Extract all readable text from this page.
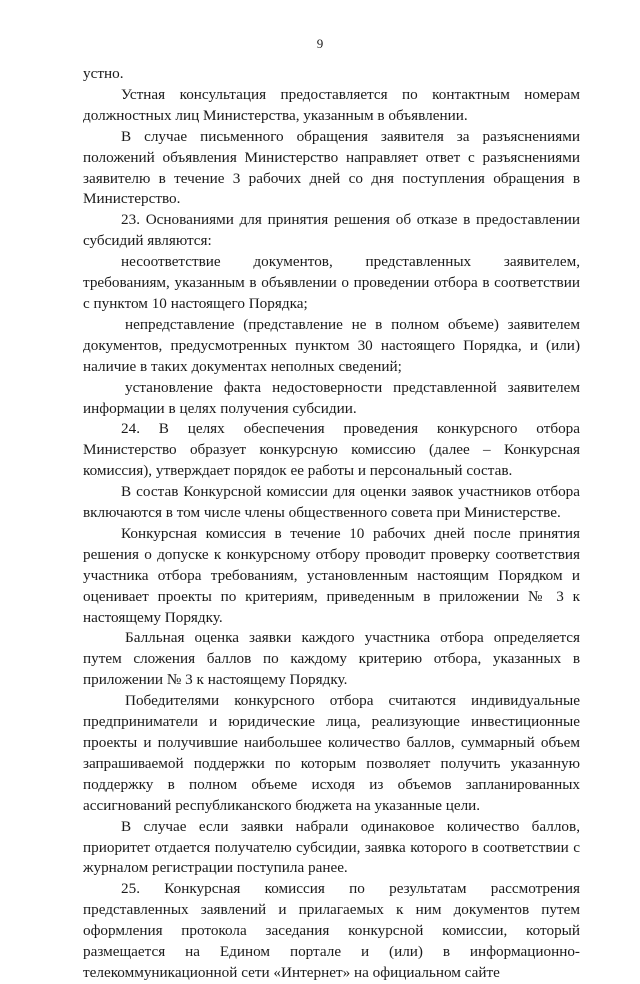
9

устно.

Устная консультация предоставляется по контактным номерам должностных лиц Министерства, указанным в объявлении.

В случае письменного обращения заявителя за разъяснениями положений объявления Министерство направляет ответ с разъяснениями заявителю в течение 3 рабочих дней со дня поступления обращения в Министерство.

23. Основаниями для принятия решения об отказе в предоставлении субсидий являются:

несоответствие документов, представленных заявителем, требованиям, указанным в объявлении о проведении отбора в соответствии с пунктом 10 настоящего Порядка;

непредставление (представление не в полном объеме) заявителем документов, предусмотренных пунктом 30 настоящего Порядка, и (или) наличие в таких документах неполных сведений;

установление факта недостоверности представленной заявителем информации в целях получения субсидии.

24. В целях обеспечения проведения конкурсного отбора Министерство образует конкурсную комиссию (далее – Конкурсная комиссия), утверждает порядок ее работы и персональный состав.

В состав Конкурсной комиссии для оценки заявок участников отбора включаются в том числе члены общественного совета при Министерстве.

Конкурсная комиссия в течение 10 рабочих дней после принятия решения о допуске к конкурсному отбору проводит проверку соответствия участника отбора требованиям, установленным настоящим Порядком и оценивает проекты по критериям, приведенным в приложении № 3 к настоящему Порядку.

Балльная оценка заявки каждого участника отбора определяется путем сложения баллов по каждому критерию отбора, указанных в приложении № 3 к настоящему Порядку.

Победителями конкурсного отбора считаются индивидуальные предприниматели и юридические лица, реализующие инвестиционные проекты и получившие наибольшее количество баллов, суммарный объем запрашиваемой поддержки по которым позволяет получить указанную поддержку в полном объеме исходя из объемов запланированных ассигнований республиканского бюджета на указанные цели.

В случае если заявки набрали одинаковое количество баллов, приоритет отдается получателю субсидии, заявка которого в соответствии с журналом регистрации поступила ранее.

25. Конкурсная комиссия по результатам рассмотрения представленных заявлений и прилагаемых к ним документов путем оформления протокола заседания конкурсной комиссии, который размещается на Едином портале и (или) в информационно-телекоммуникационной сети «Интернет» на официальном сайте
